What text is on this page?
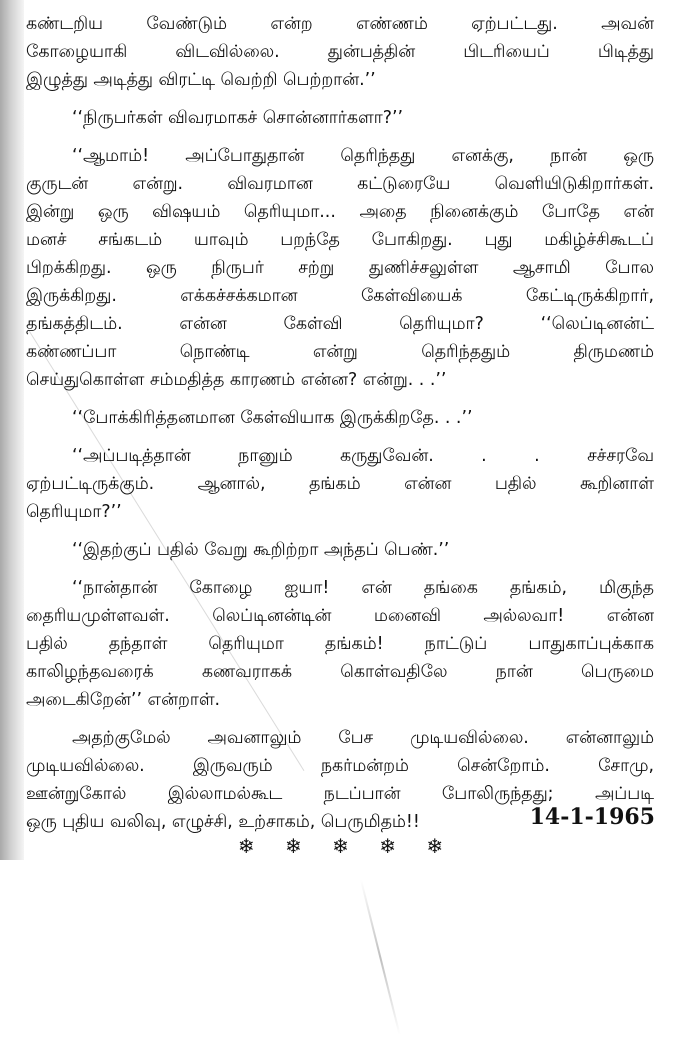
கண்டறிய வேண்டும் என்ற எண்ணம் ஏற்பட்டது. அவன்
கோழையாகி விடவில்லை. துன்பத்தின் பிடரியைப் பிடித்து
இழுத்து அடித்து விரட்டி வெற்றி பெற்றான்.’’
‘‘நிருபர்கள் விவரமாகச் சொன்னார்களா?’’
‘‘ஆமாம்! அப்போதுதான் தெரிந்தது எனக்கு, நான் ஒரு
குருடன் என்று. விவரமான கட்டுரையே வெளியிடுகிறார்கள்.
இன்று ஒரு விஷயம் தெரியுமா... அதை நினைக்கும் போதே என்
மனச் சங்கடம் யாவும் பறந்தே போகிறது. புது மகிழ்ச்சிகூடப்
பிறக்கிறது. ஒரு நிருபர் சற்று துணிச்சலுள்ள ஆசாமி போல
இருக்கிறது. எக்கச்சக்கமான கேள்வியைக் கேட்டிருக்கிறார்,
தங்கத்திடம். என்ன கேள்வி தெரியுமா? ‘‘லெப்டினன்ட்
கண்ணப்பா நொண்டி என்று தெரிந்ததும் திருமணம்
செய்துகொள்ள சம்மதித்த காரணம் என்ன? என்று. . .’’
‘‘போக்கிரித்தனமான கேள்வியாக இருக்கிறதே. . .’’
‘‘அப்படித்தான் நானும் கருதுவேன். . . சச்சரவே
ஏற்பட்டிருக்கும். ஆனால், தங்கம் என்ன பதில் கூறினாள்
தெரியுமா?’’
‘‘இதற்குப் பதில் வேறு கூறிற்றா அந்தப் பெண்.’’
‘‘நான்தான் கோழை ஐயா! என் தங்கை தங்கம், மிகுந்த
தைரியமுள்ளவள். லெப்டினன்டின் மனைவி அல்லவா! என்ன
பதில் தந்தாள் தெரியுமா தங்கம்! நாட்டுப் பாதுகாப்புக்காக
காலிழந்தவரைக் கணவராகக் கொள்வதிலே நான் பெருமை
அடைகிறேன்’’ என்றாள்.
அதற்குமேல் அவனாலும் பேச முடியவில்லை. என்னாலும்
முடியவில்லை. இருவரும் நகர்மன்றம் சென்றோம். சோமு,
ஊன்றுகோல் இல்லாமல்கூட நடப்பான் போலிருந்தது; அப்படி
ஒரு புதிய வலிவு, எழுச்சி, உற்சாகம், பெருமிதம்!!	14-1-1965
❄ ❄ ❄ ❄ ❄
